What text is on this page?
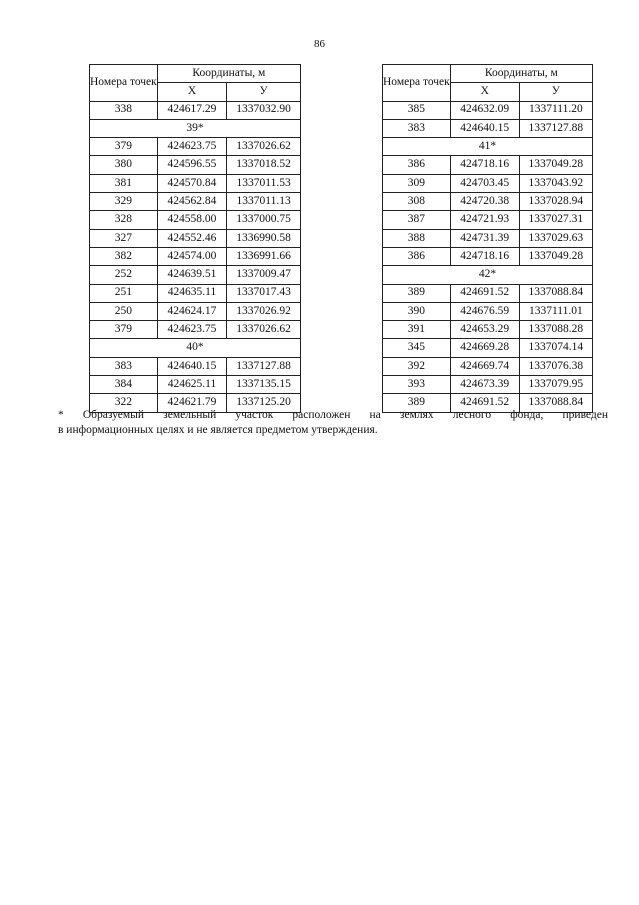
86
Номера точек	Координаты, м	
	X	У
338	424617.29	1337032.90
39*		
379	424623.75	1337026.62
380	424596.55	1337018.52
381	424570.84	1337011.53
329	424562.84	1337011.13
328	424558.00	1337000.75
327	424552.46	1336990.58
382	424574.00	1336991.66
252	424639.51	1337009.47
251	424635.11	1337017.43
250	424624.17	1337026.92
379	424623.75	1337026.62
40*		
383	424640.15	1337127.88
384	424625.11	1337135.15
322	424621.79	1337125.20
Номера точек	Координаты, м	
	X	У
385	424632.09	1337111.20
383	424640.15	1337127.88
41*		
386	424718.16	1337049.28
309	424703.45	1337043.92
308	424720.38	1337028.94
387	424721.93	1337027.31
388	424731.39	1337029.63
386	424718.16	1337049.28
42*		
389	424691.52	1337088.84
390	424676.59	1337111.01
391	424653.29	1337088.28
345	424669.28	1337074.14
392	424669.74	1337076.38
393	424673.39	1337079.95
389	424691.52	1337088.84
* Образуемый земельный участок расположен на землях лесного фонда, приведен
в информационных целях и не является предметом утверждения.
